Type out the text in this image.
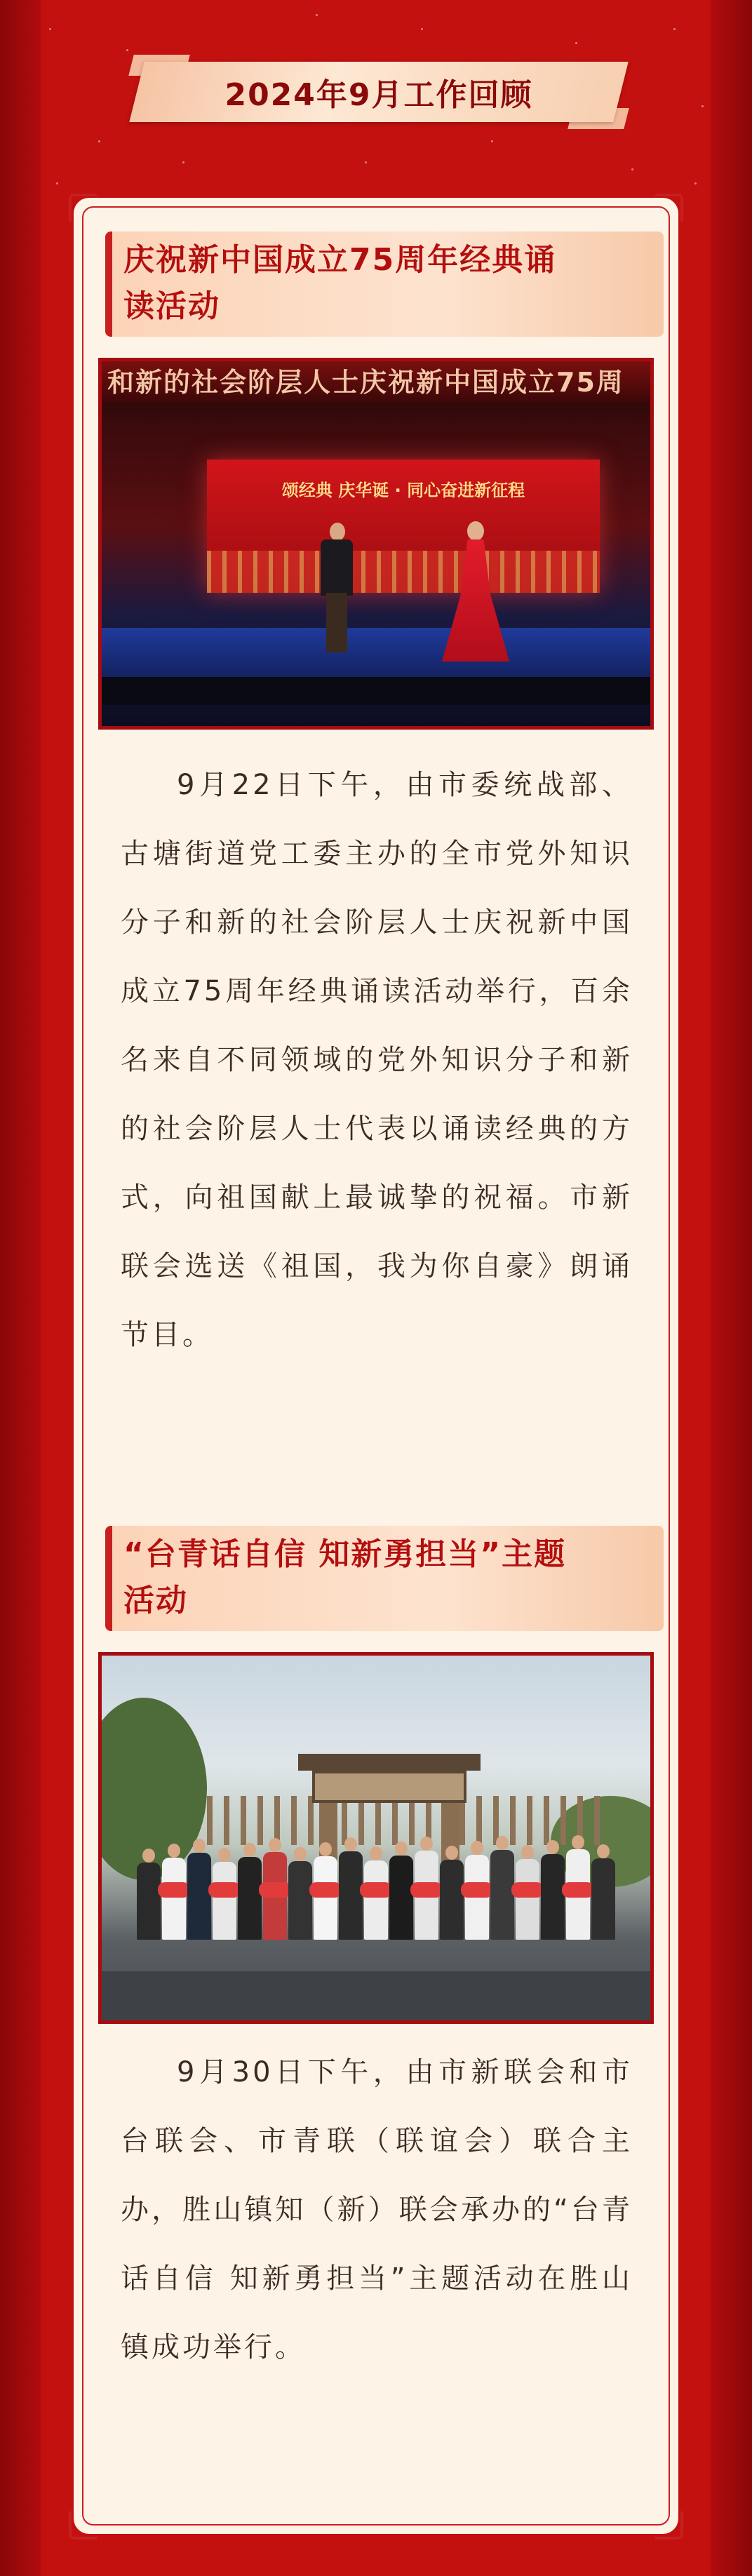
2024年9月工作回顾
庆祝新中国成立75周年经典诵
读活动
和新的社会阶层人士庆祝新中国成立75周
颂经典 庆华诞 · 同心奋进新征程

9月22日下午，由市委统战部、古塘街道党工委主办的全市党外知识分子和新的社会阶层人士庆祝新中国成立75周年经典诵读活动举行，百余名来自不同领域的党外知识分子和新的社会阶层人士代表以诵读经典的方式，向祖国献上最诚挚的祝福。市新联会选送《祖国，我为你自豪》朗诵节目。

“台青话自信 知新勇担当”主题
活动

9月30日下午，由市新联会和市台联会、市青联（联谊会）联合主办，胜山镇知（新）联会承办的“台青话自信 知新勇担当”主题活动在胜山镇成功举行。
